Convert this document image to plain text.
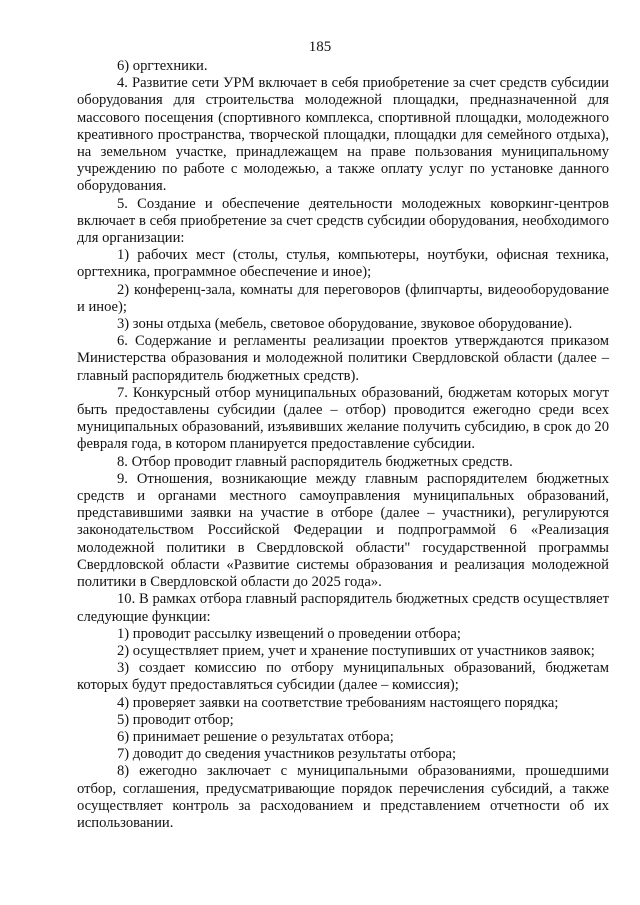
185

6) оргтехники.

4. Развитие сети УРМ включает в себя приобретение за счет средств субсидии оборудования для строительства молодежной площадки, предназначенной для массового посещения (спортивного комплекса, спортивной площадки, молодежного креативного пространства, творческой площадки, площадки для семейного отдыха), на земельном участке, принадлежащем на праве пользования муниципальному учреждению по работе с молодежью, а также оплату услуг по установке данного оборудования.

5. Создание и обеспечение деятельности молодежных коворкинг-центров включает в себя приобретение за счет средств субсидии оборудования, необходимого для организации:

1) рабочих мест (столы, стулья, компьютеры, ноутбуки, офисная техника, оргтехника, программное обеспечение и иное);

2) конференц-зала, комнаты для переговоров (флипчарты, видеооборудование и иное);

3) зоны отдыха (мебель, световое оборудование, звуковое оборудование).

6. Содержание и регламенты реализации проектов утверждаются приказом Министерства образования и молодежной политики Свердловской области (далее – главный распорядитель бюджетных средств).

7. Конкурсный отбор муниципальных образований, бюджетам которых могут быть предоставлены субсидии (далее – отбор) проводится ежегодно среди всех муниципальных образований, изъявивших желание получить субсидию, в срок до 20 февраля года, в котором планируется предоставление субсидии.

8. Отбор проводит главный распорядитель бюджетных средств.

9. Отношения, возникающие между главным распорядителем бюджетных средств и органами местного самоуправления муниципальных образований, представившими заявки на участие в отборе (далее – участники), регулируются законодательством Российской Федерации и подпрограммой 6 «Реализация молодежной политики в Свердловской области" государственной программы Свердловской области «Развитие системы образования и реализация молодежной политики в Свердловской области до 2025 года».

10. В рамках отбора главный распорядитель бюджетных средств осуществляет следующие функции:

1) проводит рассылку извещений о проведении отбора;

2) осуществляет прием, учет и хранение поступивших от участников заявок;

3) создает комиссию по отбору муниципальных образований, бюджетам которых будут предоставляться субсидии (далее – комиссия);

4) проверяет заявки на соответствие требованиям настоящего порядка;

5) проводит отбор;

6) принимает решение о результатах отбора;

7) доводит до сведения участников результаты отбора;

8) ежегодно заключает с муниципальными образованиями, прошедшими отбор, соглашения, предусматривающие порядок перечисления субсидий, а также осуществляет контроль за расходованием и представлением отчетности об их использовании.
